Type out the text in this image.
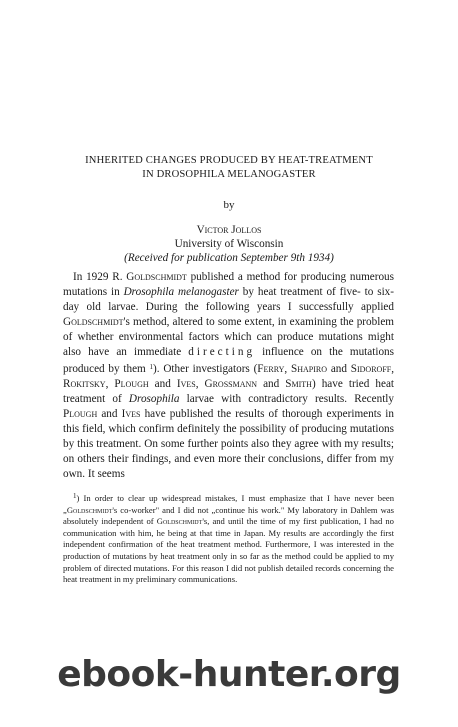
INHERITED CHANGES PRODUCED BY HEAT-TREATMENT
IN DROSOPHILA MELANOGASTER
by
Victor Jollos
University of Wisconsin
(Received for publication September 9th 1934)

In 1929 R. Goldschmidt published a method for producing numerous mutations in Drosophila melanogaster by heat treatment of five- to six-day old larvae. During the following years I successfully applied Goldschmidt's method, altered to some extent, in examining the problem of whether environmental factors which can produce mutations might also have an immediate directing influence on the mutations produced by them $^1$). Other investigators (Ferry, Shapiro and Sidoroff, Rokitsky, Plough and Ives, Grossmann and Smith) have tried heat treatment of Drosophila larvae with contradictory results. Recently Plough and Ives have published the results of thorough experiments in this field, which confirm definitely the possibility of producing mutations by this treatment. On some further points also they agree with my results; on others their findings, and even more their conclusions, differ from my own. It seems

$^1$) In order to clear up widespread mistakes, I must emphasize that I have never been „Goldschmidt's co-worker" and I did not „continue his work." My laboratory in Dahlem was absolutely independent of Goldschmidt's, and until the time of my first publication, I had no communication with him, he being at that time in Japan. My results are accordingly the first independent confirmation of the heat treatment method. Furthermore, I was interested in the production of mutations by heat treatment only in so far as the method could be applied to my problem of directed mutations. For this reason I did not publish detailed records concerning the heat treatment in my preliminary communications.

ebook-hunter.org
